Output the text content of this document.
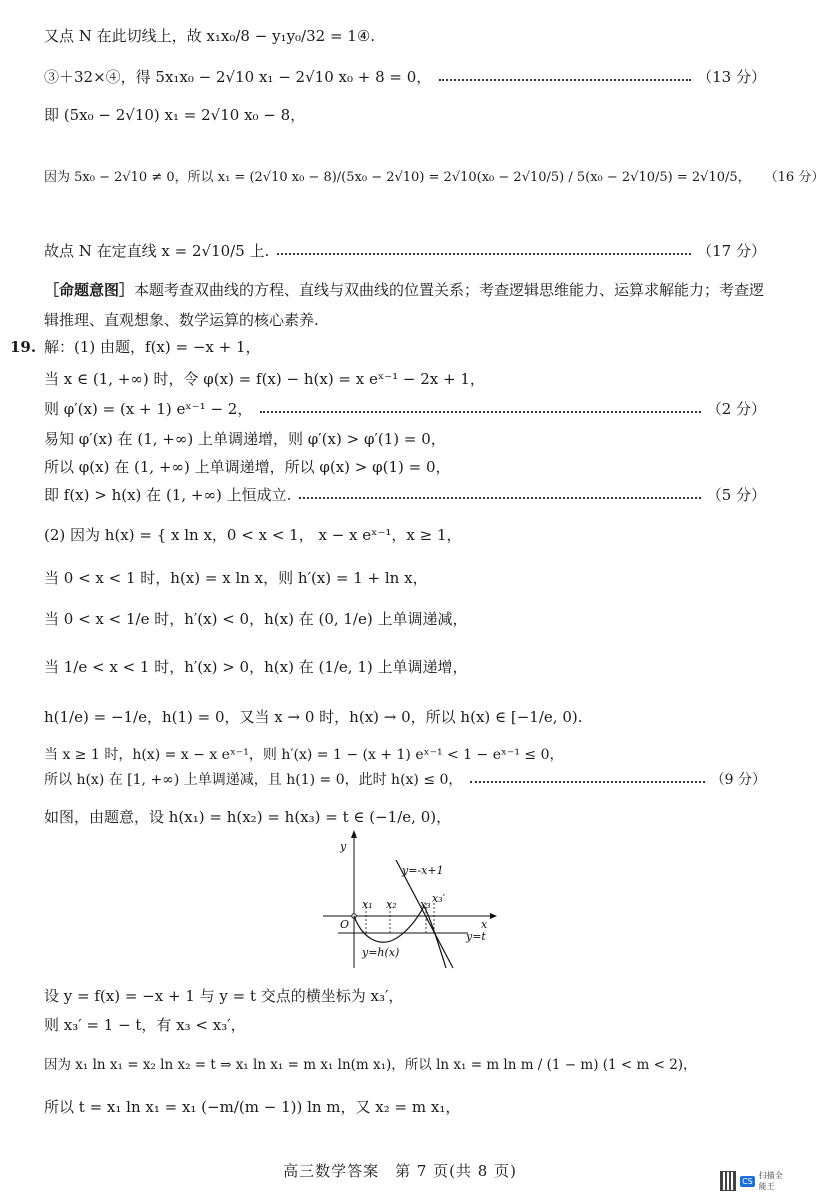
又点 N 在此切线上，故 x₁x₀/8 − y₁y₀/32 = 1④.
③＋32×④，得 5x₁x₀ − 2√10 x₁ − 2√10 x₀ + 8 = 0，	（13 分）
即 (5x₀ − 2√10) x₁ = 2√10 x₀ − 8，
因为 5x₀ − 2√10 ≠ 0，所以 x₁ = (2√10 x₀ − 8)/(5x₀ − 2√10) = 2√10(x₀ − 2√10/5) / 5(x₀ − 2√10/5) = 2√10/5， （16 分）
故点 N 在定直线 x = 2√10/5 上.	（17 分）
［命题意图］本题考查双曲线的方程、直线与双曲线的位置关系；考查逻辑思维能力、运算求解能力；考查逻辑推理、直观想象、数学运算的核心素养.
19. 解：(1) 由题，f(x) = −x + 1，
当 x ∈ (1, +∞) 时，令 φ(x) = f(x) − h(x) = x eˣ⁻¹ − 2x + 1，
则 φ′(x) = (x + 1) eˣ⁻¹ − 2，	（2 分）
易知 φ′(x) 在 (1, +∞) 上单调递增，则 φ′(x) > φ′(1) = 0，
所以 φ(x) 在 (1, +∞) 上单调递增，所以 φ(x) > φ(1) = 0，
即 f(x) > h(x) 在 (1, +∞) 上恒成立.	（5 分）
(2) 因为 h(x) = { x ln x，0 < x < 1， x − x eˣ⁻¹，x ≥ 1，
当 0 < x < 1 时，h(x) = x ln x，则 h′(x) = 1 + ln x，
当 0 < x < 1/e 时，h′(x) < 0，h(x) 在 (0, 1/e) 上单调递减，
当 1/e < x < 1 时，h′(x) > 0，h(x) 在 (1/e, 1) 上单调递增，
h(1/e) = −1/e，h(1) = 0，又当 x → 0 时，h(x) → 0，所以 h(x) ∈ [−1/e, 0).
当 x ≥ 1 时，h(x) = x − x eˣ⁻¹，则 h′(x) = 1 − (x + 1) eˣ⁻¹ < 1 − eˣ⁻¹ ≤ 0，
所以 h(x) 在 [1, +∞) 上单调递减，且 h(1) = 0，此时 h(x) ≤ 0，	（9 分）
如图，由题意，设 h(x₁) = h(x₂) = h(x₃) = t ∈ (−1/e, 0)，
设 y = f(x) = −x + 1 与 y = t 交点的横坐标为 x₃′，
则 x₃′ = 1 − t，有 x₃ < x₃′，
因为 x₁ ln x₁ = x₂ ln x₂ = t ⇒ x₁ ln x₁ = m x₁ ln(m x₁)，所以 ln x₁ = m ln m / (1 − m) (1 < m < 2)，
所以 t = x₁ ln x₁ = x₁ (−m/(m − 1)) ln m，又 x₂ = m x₁，
y
x
O
y=-x+1
y=t
x₁ x₂ x₃ x₃′
y=h(x)
高三数学答案　第 7 页(共 8 页)
CS
扫描全能王
